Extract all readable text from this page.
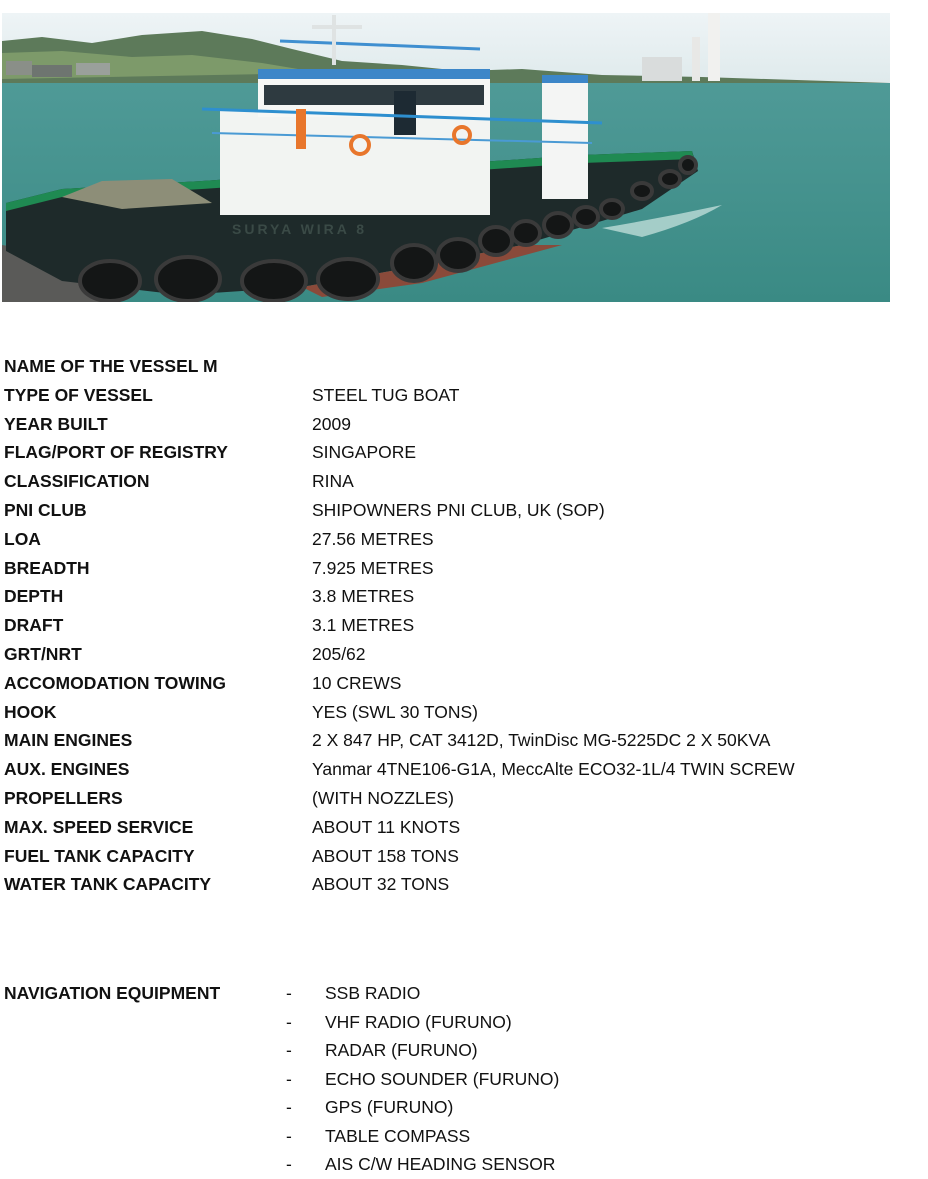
SURYA WIRA 8
NAME OF THE VESSEL M
TYPE OF VESSEL	STEEL TUG BOAT
YEAR BUILT	2009
FLAG/PORT OF REGISTRY	SINGAPORE
CLASSIFICATION	RINA
PNI CLUB	SHIPOWNERS PNI CLUB, UK (SOP)
LOA	27.56 METRES
BREADTH	7.925 METRES
DEPTH	3.8 METRES
DRAFT	3.1 METRES
GRT/NRT	205/62
ACCOMODATION TOWING	10 CREWS
HOOK	YES (SWL 30 TONS)
MAIN ENGINES	2 X 847 HP, CAT 3412D, TwinDisc MG-5225DC 2 X 50KVA
AUX. ENGINES	Yanmar 4TNE106-G1A, MeccAlte ECO32-1L/4 TWIN SCREW
PROPELLERS	(WITH NOZZLES)
MAX. SPEED SERVICE	ABOUT 11 KNOTS
FUEL TANK CAPACITY	ABOUT 158 TONS
WATER TANK CAPACITY	ABOUT 32 TONS
NAVIGATION EQUIPMENT	- SSB RADIO
- VHF RADIO (FURUNO)
- RADAR (FURUNO)
- ECHO SOUNDER (FURUNO)
- GPS (FURUNO)
- TABLE COMPASS
- AIS C/W HEADING SENSOR
